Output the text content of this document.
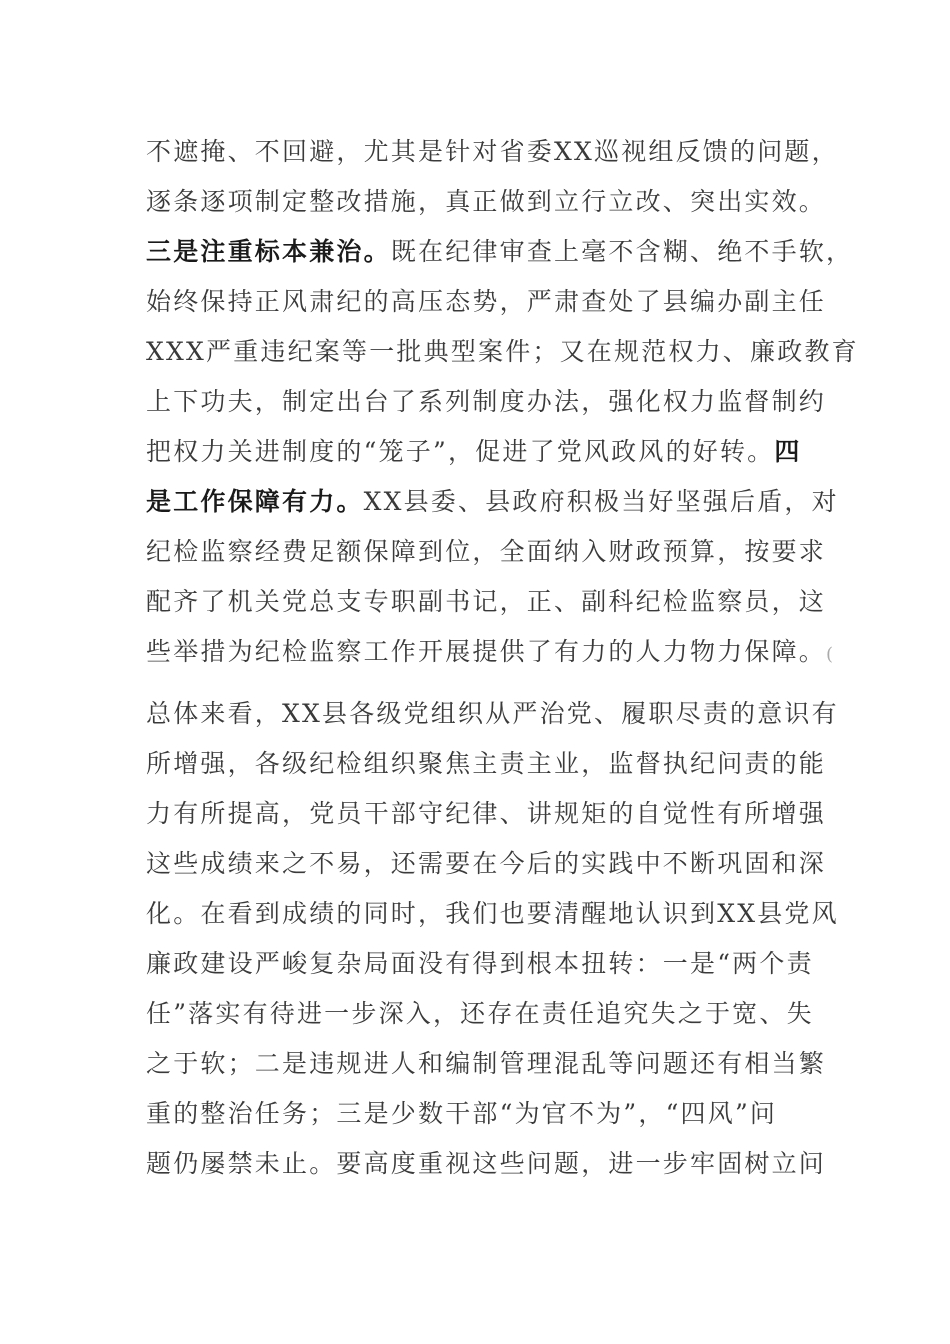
不遮掩、不回避，尤其是针对省委XX巡视组反馈的问题，
逐条逐项制定整改措施，真正做到立行立改、突出实效。
三是注重标本兼治。既在纪律审查上毫不含糊、绝不手软，
始终保持正风肃纪的高压态势，严肃查处了县编办副主任
XXX严重违纪案等一批典型案件；又在规范权力、廉政教育
上下功夫，制定出台了系列制度办法，强化权力监督制约
把权力关进制度的“笼子”，促进了党风政风的好转。四
是工作保障有力。XX县委、县政府积极当好坚强后盾，对
纪检监察经费足额保障到位，全面纳入财政预算，按要求
配齐了机关党总支专职副书记，正、副科纪检监察员，这
些举措为纪检监察工作开展提供了有力的人力物力保障。(
总体来看，XX县各级党组织从严治党、履职尽责的意识有
所增强，各级纪检组织聚焦主责主业，监督执纪问责的能
力有所提高，党员干部守纪律、讲规矩的自觉性有所增强
这些成绩来之不易，还需要在今后的实践中不断巩固和深
化。在看到成绩的同时，我们也要清醒地认识到XX县党风
廉政建设严峻复杂局面没有得到根本扭转：一是“两个责
任”落实有待进一步深入，还存在责任追究失之于宽、失
之于软；二是违规进人和编制管理混乱等问题还有相当繁
重的整治任务；三是少数干部“为官不为”，“四风”问
题仍屡禁未止。要高度重视这些问题，进一步牢固树立问
